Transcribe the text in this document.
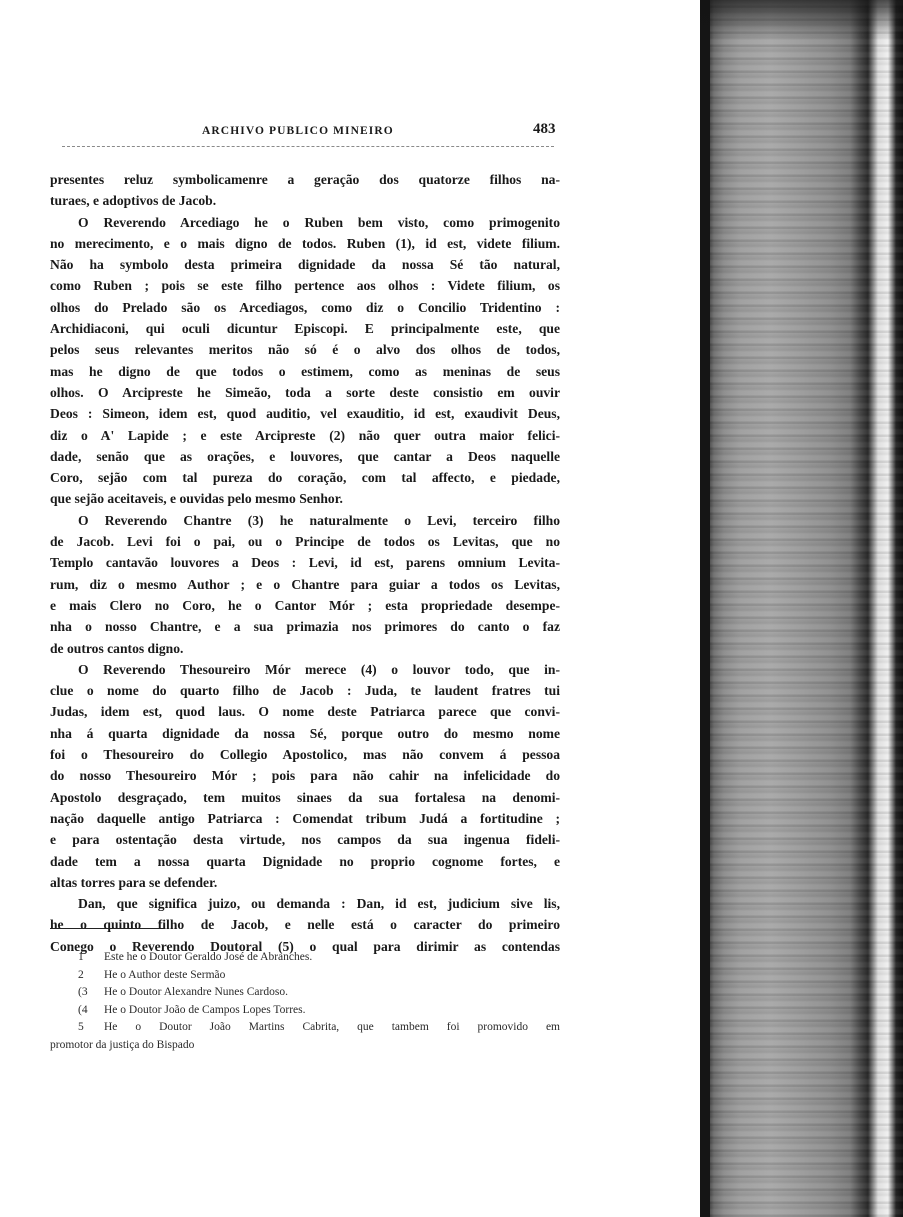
ARCHIVO PUBLICO MINEIRO	483
presentes reluz symbolicamenre a geração dos quatorze filhos na-
turaes, e adoptivos de Jacob.
O Reverendo Arcediago he o Ruben bem visto, como primogenito
no merecimento, e o mais digno de todos. Ruben (1), id est, videte filium.
Não ha symbolo desta primeira dignidade da nossa Sé tão natural,
como Ruben ; pois se este filho pertence aos olhos : Videte filium, os
olhos do Prelado são os Arcediagos, como diz o Concilio Tridentino :
Archidiaconi, qui oculi dicuntur Episcopi. E principalmente este, que
pelos seus relevantes meritos não só é o alvo dos olhos de todos,
mas he digno de que todos o estimem, como as meninas de seus
olhos. O Arcipreste he Simeão, toda a sorte deste consistio em ouvir
Deos : Simeon, idem est, quod auditio, vel exauditio, id est, exaudivit Deus,
diz o A' Lapide ; e este Arcipreste (2) não quer outra maior felici-
dade, senão que as orações, e louvores, que cantar a Deos naquelle
Coro, sejão com tal pureza do coração, com tal affecto, e piedade,
que sejão aceitaveis, e ouvidas pelo mesmo Senhor.
O Reverendo Chantre (3) he naturalmente o Levi, terceiro filho
de Jacob. Levi foi o pai, ou o Principe de todos os Levitas, que no
Templo cantavão louvores a Deos : Levi, id est, parens omnium Levita-
rum, diz o mesmo Author ; e o Chantre para guiar a todos os Levitas,
e mais Clero no Coro, he o Cantor Mór ; esta propriedade desempe-
nha o nosso Chantre, e a sua primazia nos primores do canto o faz
de outros cantos digno.
O Reverendo Thesoureiro Mór merece (4) o louvor todo, que in-
clue o nome do quarto filho de Jacob : Juda, te laudent fratres tui
Judas, idem est, quod laus. O nome deste Patriarca parece que convi-
nha á quarta dignidade da nossa Sé, porque outro do mesmo nome
foi o Thesoureiro do Collegio Apostolico, mas não convem á pessoa
do nosso Thesoureiro Mór ; pois para não cahir na infelicidade do
Apostolo desgraçado, tem muitos sinaes da sua fortalesa na denomi-
nação daquelle antigo Patriarca : Comendat tribum Judá a fortitudine ;
e para ostentação desta virtude, nos campos da sua ingenua fideli-
dade tem a nossa quarta Dignidade no proprio cognome fortes, e
altas torres para se defender.
Dan, que significa juizo, ou demanda : Dan, id est, judicium sive lis,
he o quinto filho de Jacob, e nelle está o caracter do primeiro
Conego o Reverendo Doutoral (5) o qual para dirimir as contendas
1 Este he o Doutor Geraldo José de Abranches.
2 He o Author deste Sermão
(3 He o Doutor Alexandre Nunes Cardoso.
(4 He o Doutor João de Campos Lopes Torres.
5 He o Doutor João Martins Cabrita, que tambem foi promovido em
promotor da justiça do Bispado
